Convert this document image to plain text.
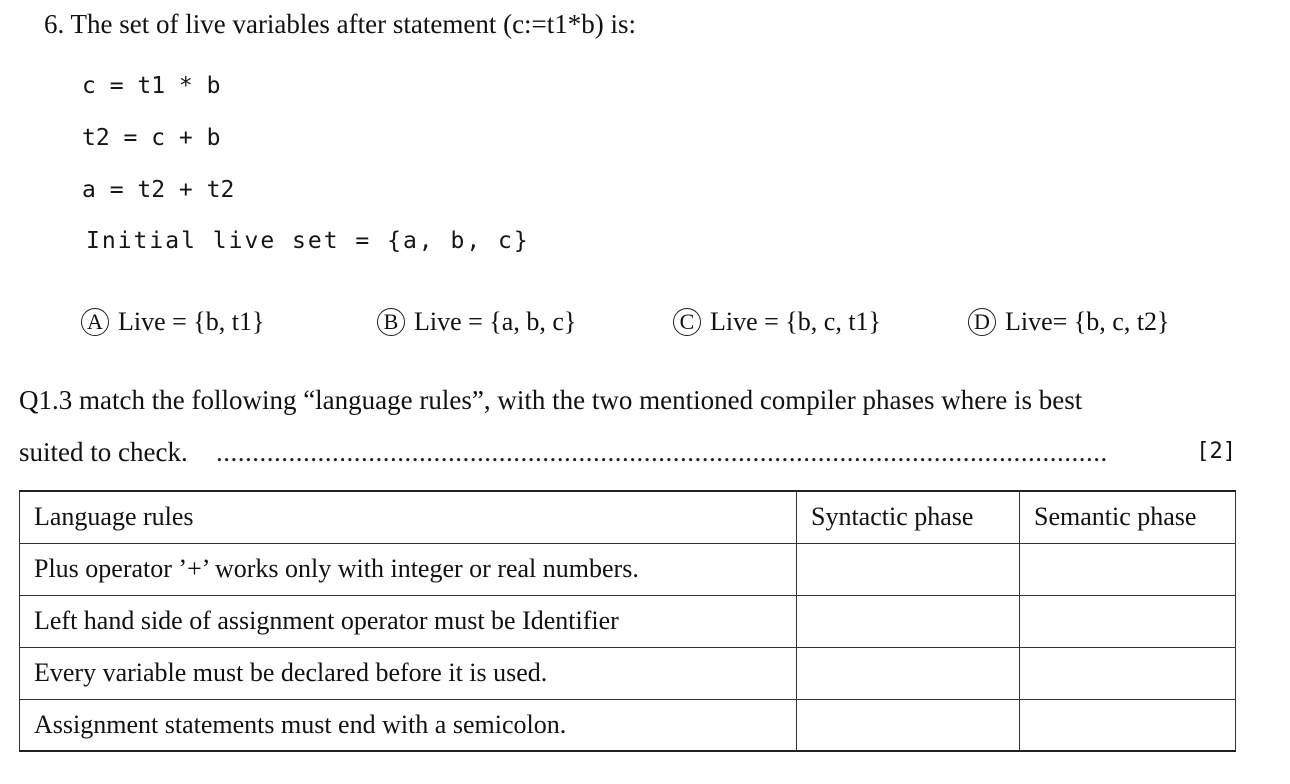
6. The set of live variables after statement (c:=t1*b) is:
c = t1 * b
t2 = c + b
a = t2 + t2
Initial live set = {a, b, c}
A Live = {b, t1}	B Live = {a, b, c}	C Live = {b, c, t1}	D Live= {b, c, t2}
Q1.3 match the following “language rules”, with the two mentioned compiler phases where is best
suited to check. ...........................................................................................................................	[2]
Language rules	Syntactic phase	Semantic phase
Plus operator ’+’ works only with integer or real numbers.		
Left hand side of assignment operator must be Identifier		
Every variable must be declared before it is used.		
Assignment statements must end with a semicolon.		
